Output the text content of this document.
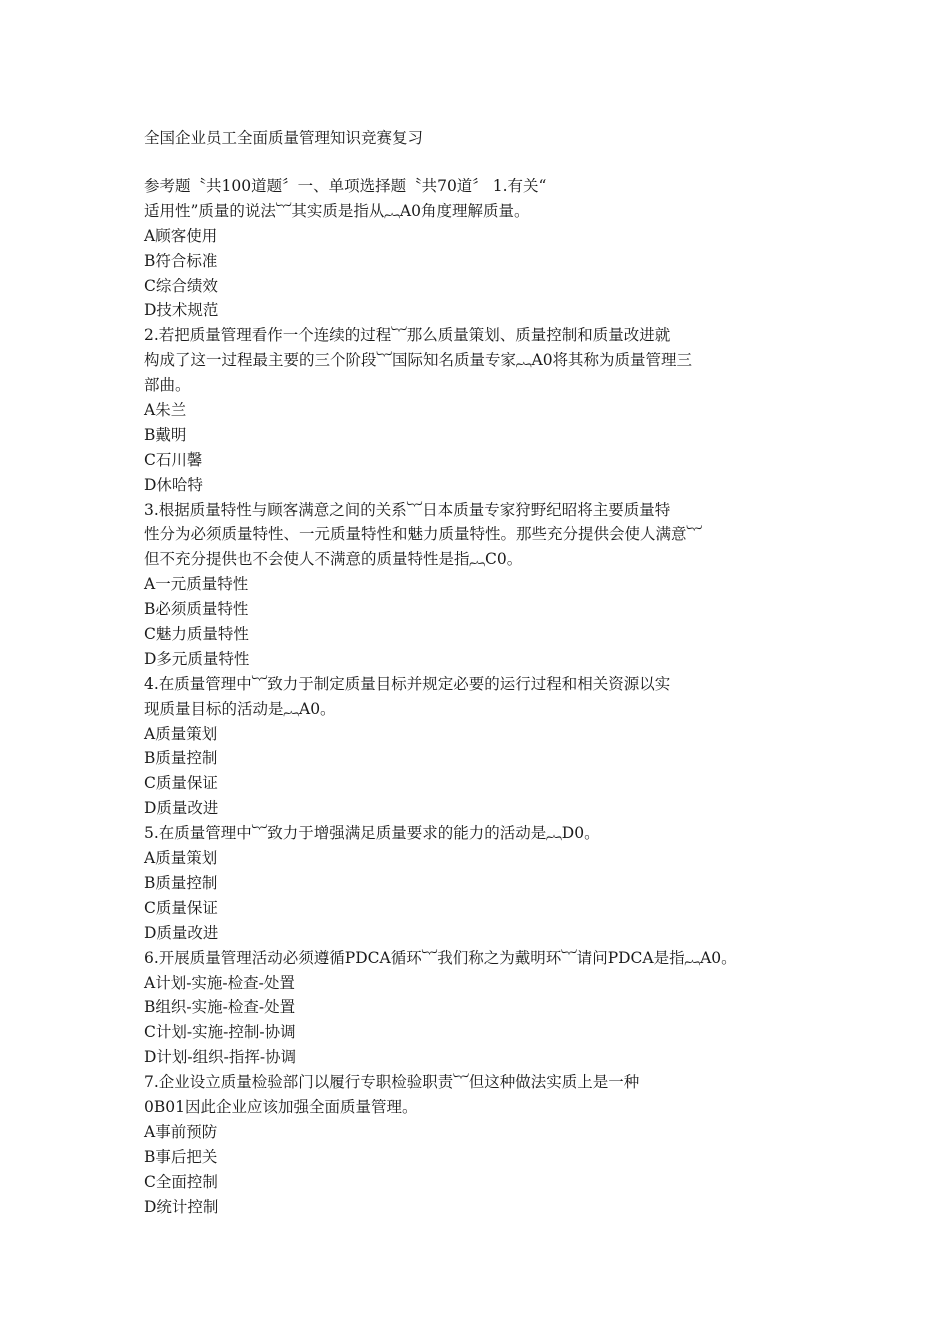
全国企业员工全面质量管理知识竞赛复习
参考题〝共100道题〞一、单项选择题〝共70道〞 1.有关“
适用性”质量的说法︸其实质是指从︷A0角度理解质量。
A顾客使用
B符合标准
C综合绩效
D技术规范
2.若把质量管理看作一个连续的过程︸那么质量策划、质量控制和质量改进就
构成了这一过程最主要的三个阶段︸国际知名质量专家︷A0将其称为质量管理三
部曲。
A朱兰
B戴明
C石川馨
D休哈特
3.根据质量特性与顾客满意之间的关系︸日本质量专家狩野纪昭将主要质量特
性分为必须质量特性、一元质量特性和魅力质量特性。那些充分提供会使人满意︸
但不充分提供也不会使人不满意的质量特性是指︷C0。
A一元质量特性
B必须质量特性
C魅力质量特性
D多元质量特性
4.在质量管理中︸致力于制定质量目标并规定必要的运行过程和相关资源以实
现质量目标的活动是︷A0。
A质量策划
B质量控制
C质量保证
D质量改进
5.在质量管理中︸致力于增强满足质量要求的能力的活动是︷D0。
A质量策划
B质量控制
C质量保证
D质量改进
6.开展质量管理活动必须遵循PDCA循环︸我们称之为戴明环︸请问PDCA是指︷A0。
A计划-实施-检查-处置
B组织-实施-检查-处置
C计划-实施-控制-协调
D计划-组织-指挥-协调
7.企业设立质量检验部门以履行专职检验职责︸但这种做法实质上是一种
0B01因此企业应该加强全面质量管理。
A事前预防
B事后把关
C全面控制
D统计控制
